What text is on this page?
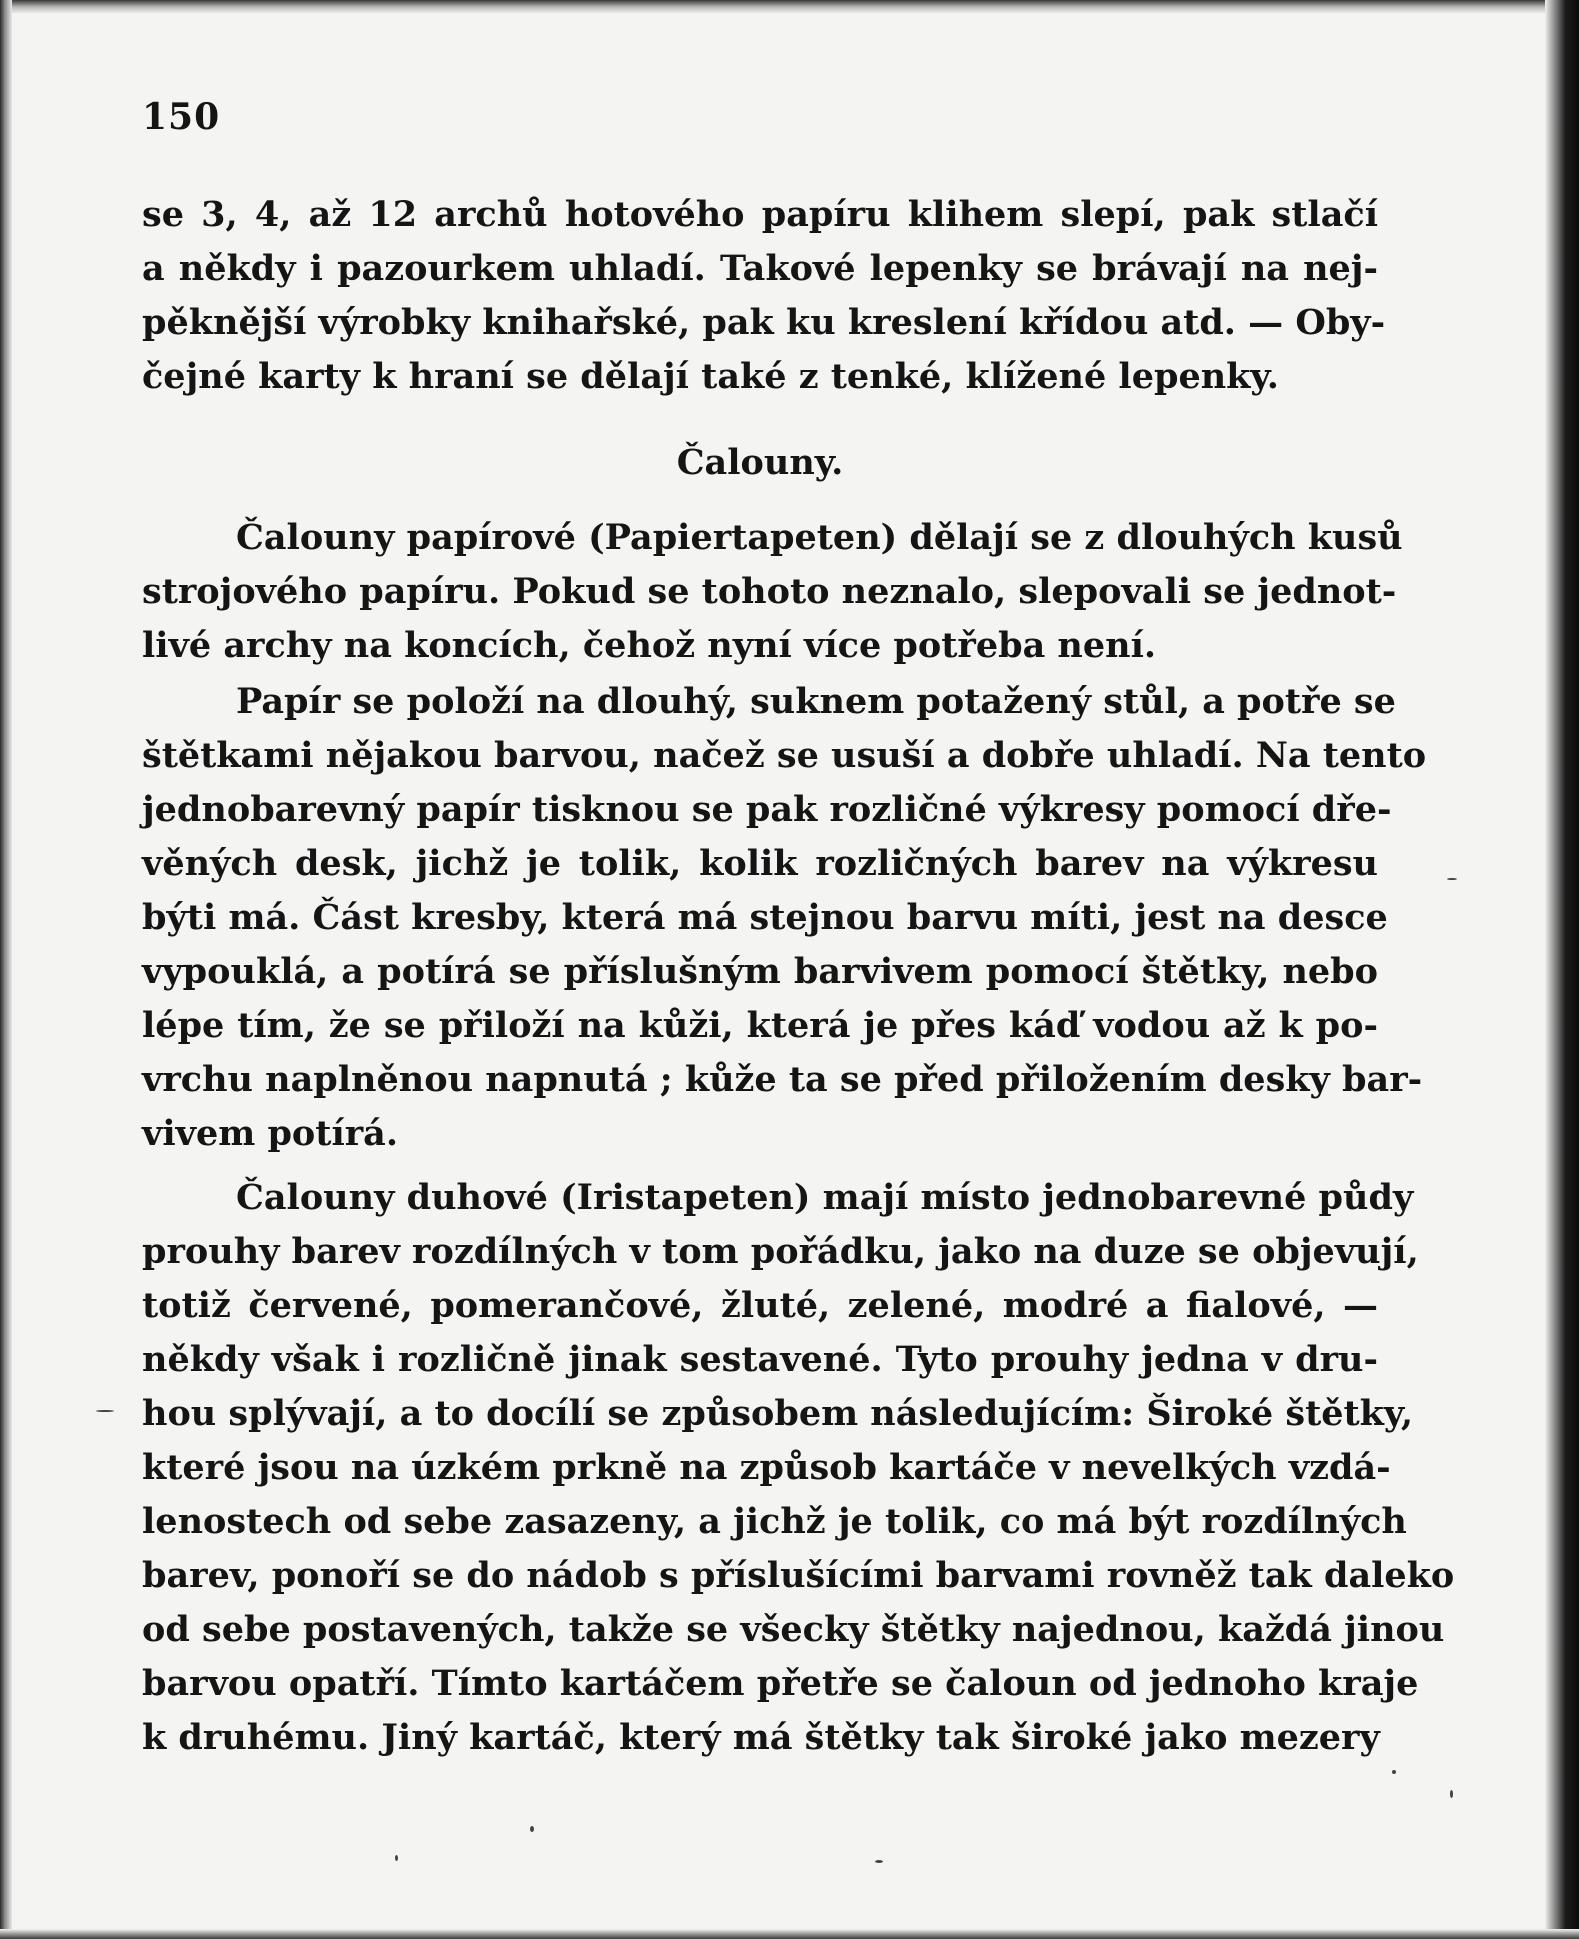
150
se 3, 4, až 12 archů hotového papíru klihem slepí, pak stlačí
a někdy i pazourkem uhladí. Takové lepenky se brávají na nej-
pěknější výrobky knihařské, pak ku kreslení křídou atd. — Oby-
čejné karty k hraní se dělají také z tenké, klížené lepenky.
Čalouny.
Čalouny papírové (Papiertapeten) dělají se z dlouhých kusů
strojového papíru. Pokud se tohoto neznalo, slepovali se jednot-
livé archy na koncích, čehož nyní více potřeba není.
Papír se položí na dlouhý, suknem potažený stůl, a potře se
štětkami nějakou barvou, načež se usuší a dobře uhladí. Na tento
jednobarevný papír tisknou se pak rozličné výkresy pomocí dře-
věných desk, jichž je tolik, kolik rozličných barev na výkresu
býti má. Část kresby, která má stejnou barvu míti, jest na desce
vypouklá, a potírá se příslušným barvivem pomocí štětky, nebo
lépe tím, že se přiloží na kůži, která je přes káď vodou až k po-
vrchu naplněnou napnutá ; kůže ta se před přiložením desky bar-
vivem potírá.
Čalouny duhové (Iristapeten) mají místo jednobarevné půdy
prouhy barev rozdílných v tom pořádku, jako na duze se objevují,
totiž červené, pomerančové, žluté, zelené, modré a fialové, —
někdy však i rozličně jinak sestavené. Tyto prouhy jedna v dru-
hou splývají, a to docílí se způsobem následujícím: Široké štětky,
které jsou na úzkém prkně na způsob kartáče v nevelkých vzdá-
lenostech od sebe zasazeny, a jichž je tolik, co má být rozdílných
barev, ponoří se do nádob s příslušícími barvami rovněž tak daleko
od sebe postavených, takže se všecky štětky najednou, každá jinou
barvou opatří. Tímto kartáčem přetře se čaloun od jednoho kraje
k druhému. Jiný kartáč, který má štětky tak široké jako mezery
